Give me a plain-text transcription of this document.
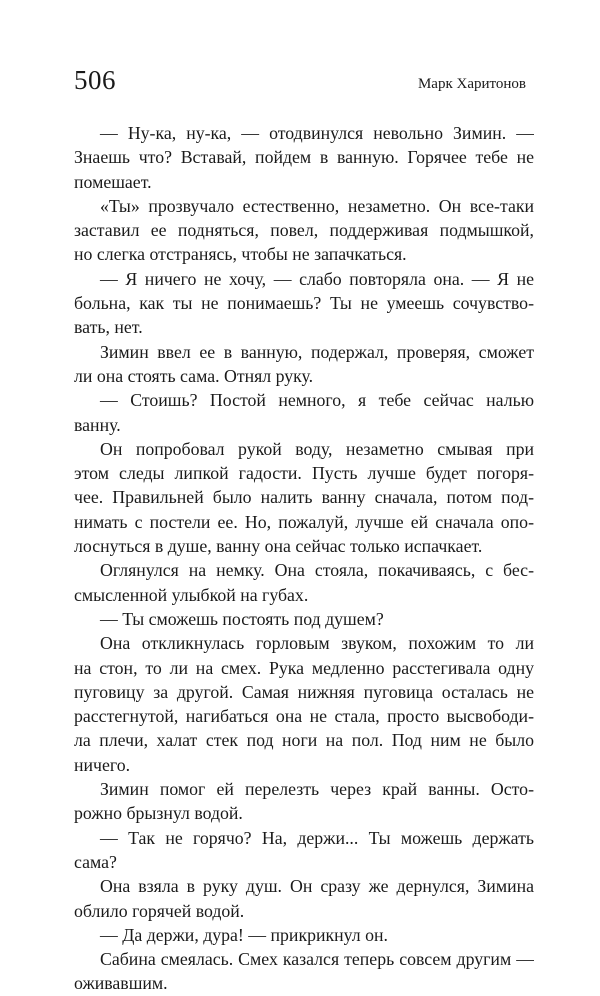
506	Марк Харитонов
— Ну-ка, ну-ка, — отодвинулся невольно Зимин. —
Знаешь что? Вставай, пойдем в ванную. Горячее тебе не
помешает.
«Ты» прозвучало естественно, незаметно. Он все-таки
заставил ее подняться, повел, поддерживая подмышкой,
но слегка отстранясь, чтобы не запачкаться.
— Я ничего не хочу, — слабо повторяла она. — Я не
больна, как ты не понимаешь? Ты не умеешь сочувство-
вать, нет.
Зимин ввел ее в ванную, подержал, проверяя, сможет
ли она стоять сама. Отнял руку.
— Стоишь? Постой немного, я тебе сейчас налью
ванну.
Он попробовал рукой воду, незаметно смывая при
этом следы липкой гадости. Пусть лучше будет погоря-
чее. Правильней было налить ванну сначала, потом под-
нимать с постели ее. Но, пожалуй, лучше ей сначала опо-
лоснуться в душе, ванну она сейчас только испачкает.
Оглянулся на немку. Она стояла, покачиваясь, с бес-
смысленной улыбкой на губах.
— Ты сможешь постоять под душем?
Она откликнулась горловым звуком, похожим то ли
на стон, то ли на смех. Рука медленно расстегивала одну
пуговицу за другой. Самая нижняя пуговица осталась не
расстегнутой, нагибаться она не стала, просто высвободи-
ла плечи, халат стек под ноги на пол. Под ним не было
ничего.
Зимин помог ей перелезть через край ванны. Осто-
рожно брызнул водой.
— Так не горячо? На, держи... Ты можешь держать
сама?
Она взяла в руку душ. Он сразу же дернулся, Зимина
облило горячей водой.
— Да держи, дура! — прикрикнул он.
Сабина смеялась. Смех казался теперь совсем другим —
оживавшим.
